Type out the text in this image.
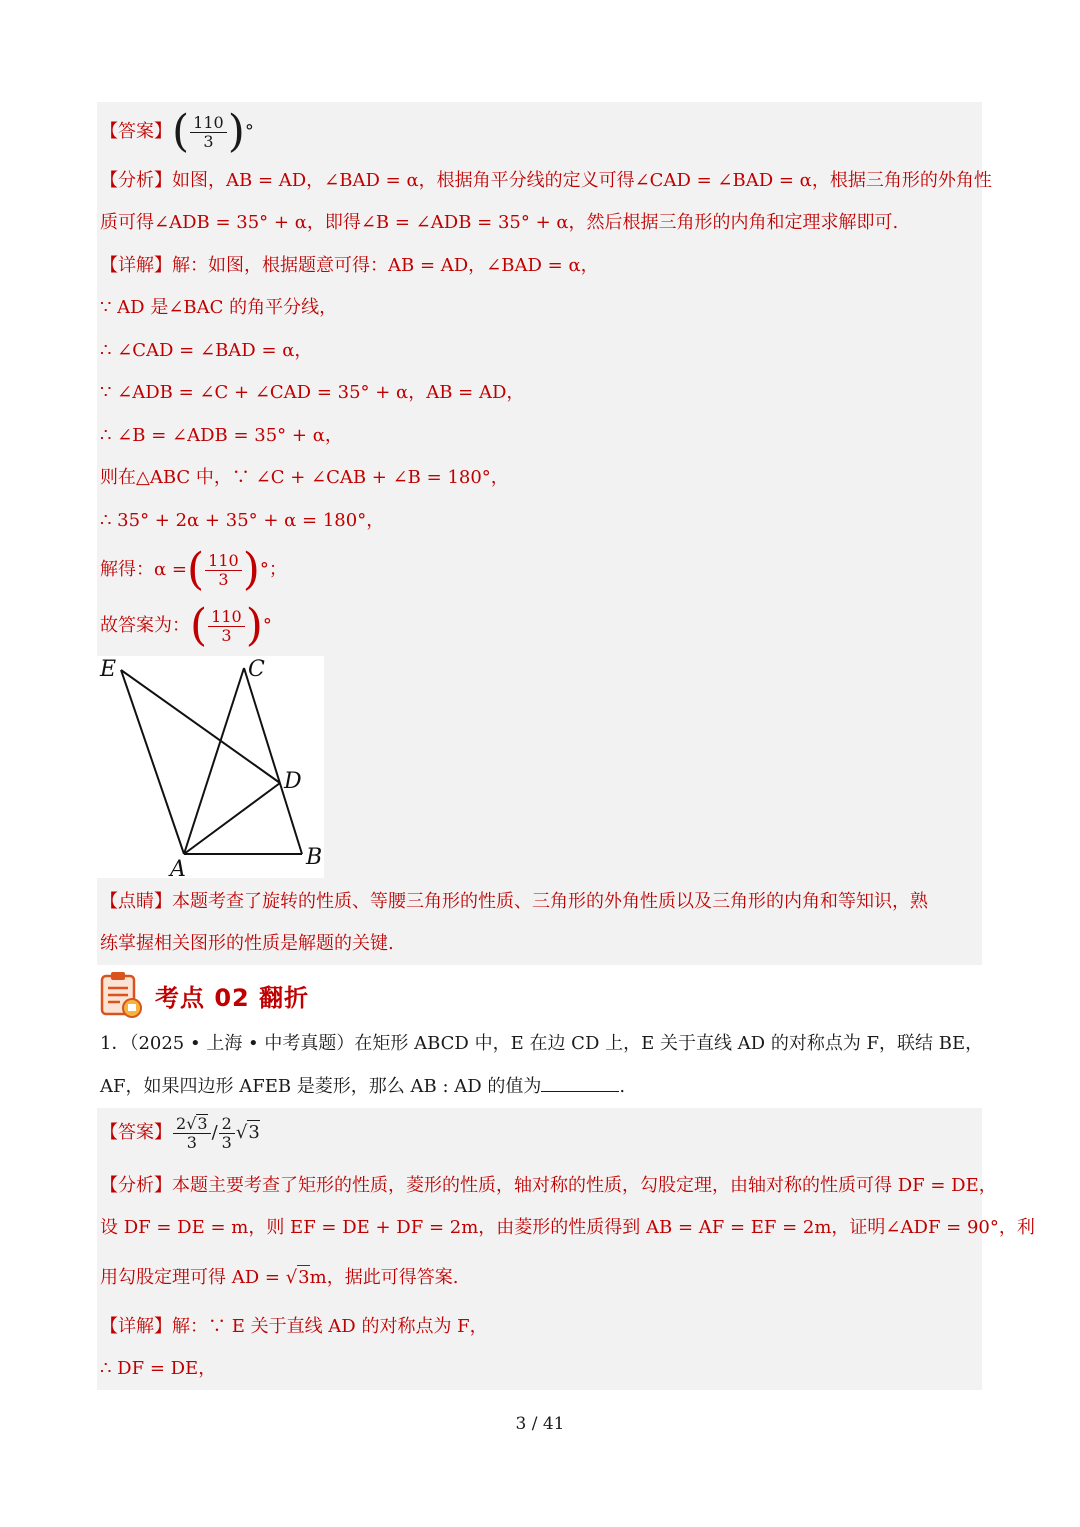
【答案】( $\frac{110}{3}$ )°
【分析】如图，AB = AD，∠BAD = α，根据角平分线的定义可得∠CAD = ∠BAD = α，根据三角形的外角性
质可得∠ADB = 35° + α，即得∠B = ∠ADB = 35° + α，然后根据三角形的内角和定理求解即可.
【详解】解：如图，根据题意可得：AB = AD，∠BAD = α，
∵ AD 是∠BAC 的角平分线，
∴ ∠CAD = ∠BAD = α，
∵ ∠ADB = ∠C + ∠CAD = 35° + α，AB = AD，
∴ ∠B = ∠ADB = 35° + α，
则在△ABC 中，∵ ∠C + ∠CAB + ∠B = 180°，
∴ 35° + 2α + 35° + α = 180°，
解得：α =( $\frac{110}{3}$ )°；
故答案为：( $\frac{110}{3}$ )°
E	C
D
A	B
【点睛】本题考查了旋转的性质、等腰三角形的性质、三角形的外角性质以及三角形的内角和等知识，熟
练掌握相关图形的性质是解题的关键.
考点 02 翻折
1．（2025 • 上海 • 中考真题）在矩形 ABCD 中，E 在边 CD 上，E 关于直线 AD 的对称点为 F，联结 BE，
AF，如果四边形 AFEB 是菱形，那么 AB : AD 的值为	.
【答案】 $\frac{2√3}{3} / \frac{2}{3} √3$
【分析】本题主要考查了矩形的性质，菱形的性质，轴对称的性质，勾股定理，由轴对称的性质可得 DF = DE，
设 DF = DE = m，则 EF = DE + DF = 2m，由菱形的性质得到 AB = AF = EF = 2m，证明∠ADF = 90°，利
用勾股定理可得 AD = √3m，据此可得答案.
【详解】解：∵ E 关于直线 AD 的对称点为 F，
∴ DF = DE，
3 / 41
